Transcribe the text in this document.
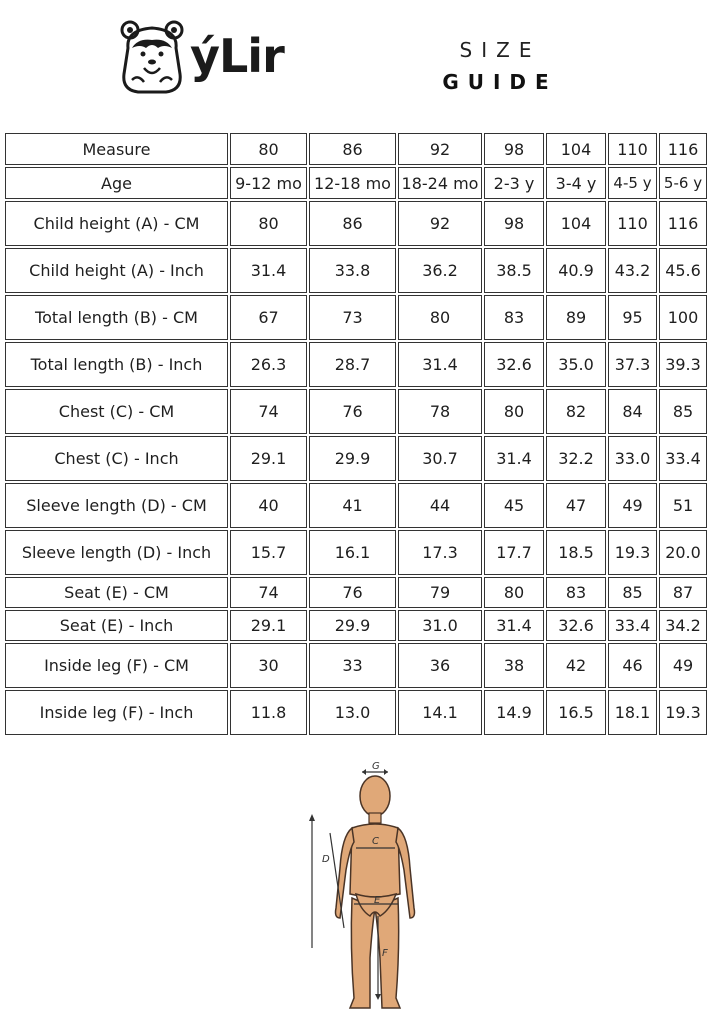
ýLir	SIZE
GUIDE
Measure	80	86	92	98	104	110	116
Age	9-12 mo	12-18 mo	18-24 mo	2-3 y	3-4 y	4-5 y	5-6 y
Child height (A) - CM	80	86	92	98	104	110	116
Child height (A) - Inch	31.4	33.8	36.2	38.5	40.9	43.2	45.6
Total length (B) - CM	67	73	80	83	89	95	100
Total length (B) - Inch	26.3	28.7	31.4	32.6	35.0	37.3	39.3
Chest (C) - CM	74	76	78	80	82	84	85
Chest (C) - Inch	29.1	29.9	30.7	31.4	32.2	33.0	33.4
Sleeve length (D) - CM	40	41	44	45	47	49	51
Sleeve length (D) - Inch	15.7	16.1	17.3	17.7	18.5	19.3	20.0
Seat (E) - CM	74	76	79	80	83	85	87
Seat (E) - Inch	29.1	29.9	31.0	31.4	32.6	33.4	34.2
Inside leg (F) - CM	30	33	36	38	42	46	49
Inside leg (F) - Inch	11.8	13.0	14.1	14.9	16.5	18.1	19.3
G
C
D
E
F
